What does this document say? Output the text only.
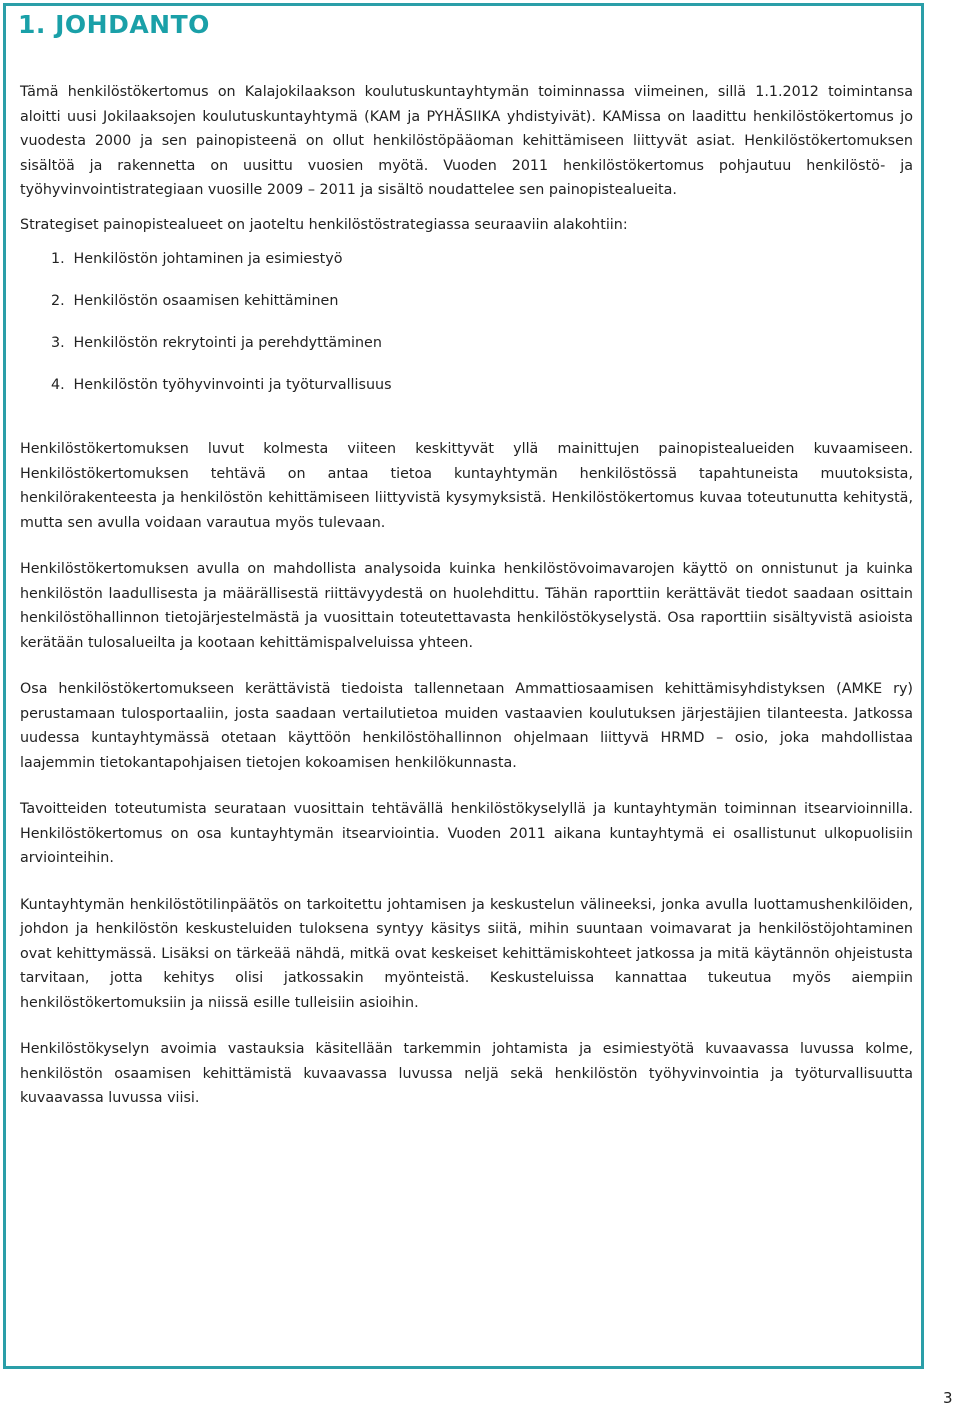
1. JOHDANTO

Tämä henkilöstökertomus on Kalajokilaakson koulutuskuntayhtymän toiminnassa viimeinen, sillä 1.1.2012 toimintansa aloitti uusi Jokilaaksojen koulutuskuntayhtymä (KAM ja PYHÄSIIKA yhdistyivät). KAMissa on laadittu henkilöstökertomus jo vuodesta 2000 ja sen painopisteenä on ollut henkilöstöpääoman kehittämiseen liittyvät asiat. Henkilöstökertomuksen sisältöä ja rakennetta on uusittu vuosien myötä. Vuoden 2011 henkilöstökertomus pohjautuu henkilöstö- ja työhyvinvointistrategiaan vuosille 2009 – 2011 ja sisältö noudattelee sen painopistealueita.

Strategiset painopistealueet on jaoteltu henkilöstöstrategiassa seuraaviin alakohtiin:

1. Henkilöstön johtaminen ja esimiestyö
2. Henkilöstön osaamisen kehittäminen
3. Henkilöstön rekrytointi ja perehdyttäminen
4. Henkilöstön työhyvinvointi ja työturvallisuus

Henkilöstökertomuksen luvut kolmesta viiteen keskittyvät yllä mainittujen painopistealueiden kuvaamiseen. Henkilöstökertomuksen tehtävä on antaa tietoa kuntayhtymän henkilöstössä tapahtuneista muutoksista, henkilörakenteesta ja henkilöstön kehittämiseen liittyvistä kysymyksistä. Henkilöstökertomus kuvaa toteutunutta kehitystä, mutta sen avulla voidaan varautua myös tulevaan.

Henkilöstökertomuksen avulla on mahdollista analysoida kuinka henkilöstövoimavarojen käyttö on onnistunut ja kuinka henkilöstön laadullisesta ja määrällisestä riittävyydestä on huolehdittu. Tähän raporttiin kerättävät tiedot saadaan osittain henkilöstöhallinnon tietojärjestelmästä ja vuosittain toteutettavasta henkilöstökyselystä. Osa raporttiin sisältyvistä asioista kerätään tulosalueilta ja kootaan kehittämispalveluissa yhteen.

Osa henkilöstökertomukseen kerättävistä tiedoista tallennetaan Ammattiosaamisen kehittämisyhdistyksen (AMKE ry) perustamaan tulosportaaliin, josta saadaan vertailutietoa muiden vastaavien koulutuksen järjestäjien tilanteesta. Jatkossa uudessa kuntayhtymässä otetaan käyttöön henkilöstöhallinnon ohjelmaan liittyvä HRMD – osio, joka mahdollistaa laajemmin tietokantapohjaisen tietojen kokoamisen henkilökunnasta.

Tavoitteiden toteutumista seurataan vuosittain tehtävällä henkilöstökyselyllä ja kuntayhtymän toiminnan itsearvioinnilla. Henkilöstökertomus on osa kuntayhtymän itsearviointia. Vuoden 2011 aikana kuntayhtymä ei osallistunut ulkopuolisiin arviointeihin.

Kuntayhtymän henkilöstötilinpäätös on tarkoitettu johtamisen ja keskustelun välineeksi, jonka avulla luottamushenkilöiden, johdon ja henkilöstön keskusteluiden tuloksena syntyy käsitys siitä, mihin suuntaan voimavarat ja henkilöstöjohtaminen ovat kehittymässä. Lisäksi on tärkeää nähdä, mitkä ovat keskeiset kehittämiskohteet jatkossa ja mitä käytännön ohjeistusta tarvitaan, jotta kehitys olisi jatkossakin myönteistä. Keskusteluissa kannattaa tukeutua myös aiempiin henkilöstökertomuksiin ja niissä esille tulleisiin asioihin.

Henkilöstökyselyn avoimia vastauksia käsitellään tarkemmin johtamista ja esimiestyötä kuvaavassa luvussa kolme, henkilöstön osaamisen kehittämistä kuvaavassa luvussa neljä sekä henkilöstön työhyvinvointia ja työturvallisuutta kuvaavassa luvussa viisi.

3
